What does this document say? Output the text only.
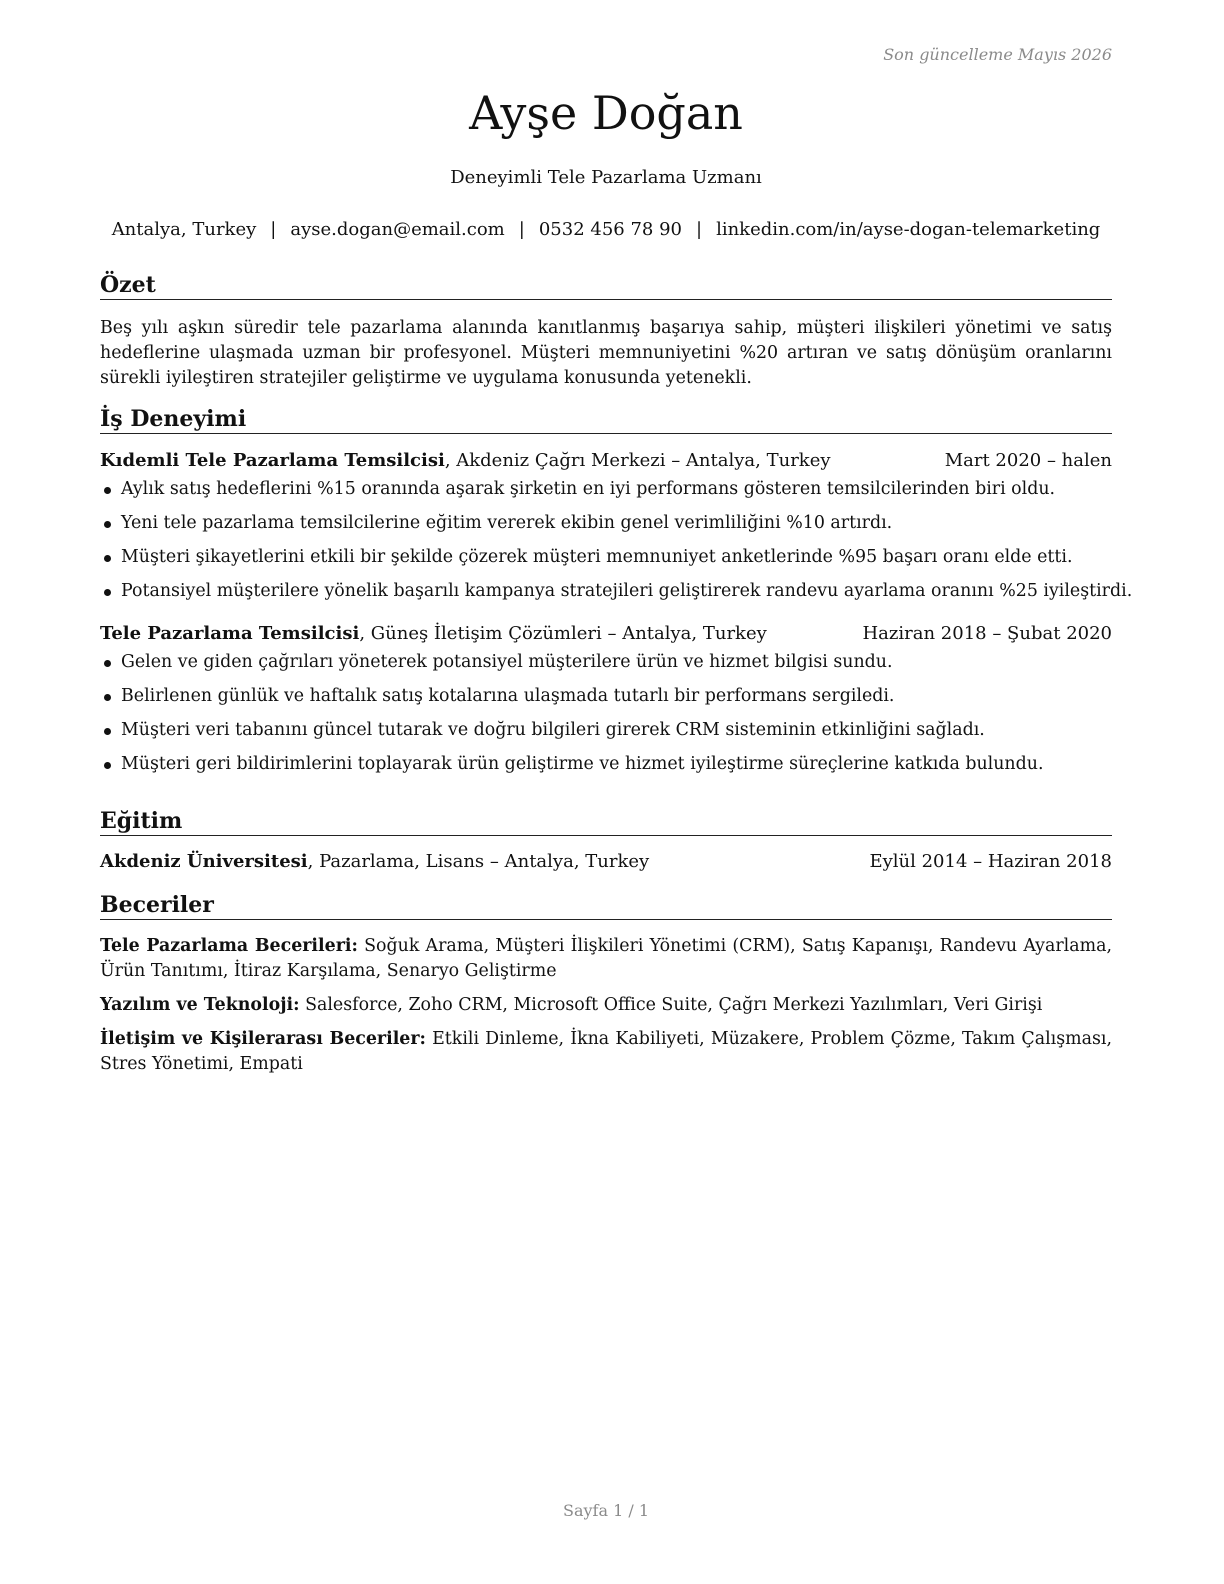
Son güncelleme Mayıs 2026
Ayşe Doğan
Deneyimli Tele Pazarlama Uzmanı
Antalya, Turkey | ayse.dogan@email.com | 0532 456 78 90 | linkedin.com/in/ayse-dogan-telemarketing
Özet
Beş yılı aşkın süredir tele pazarlama alanında kanıtlanmış başarıya sahip, müşteri ilişkileri yönetimi ve satış hedeflerine ulaşmada uzman bir profesyonel. Müşteri memnuniyetini %20 artıran ve satış dönüşüm oranlarını sürekli iyileştiren stratejiler geliştirme ve uygulama konusunda yetenekli.
İş Deneyimi
Kıdemli Tele Pazarlama Temsilcisi, Akdeniz Çağrı Merkezi – Antalya, Turkey	Mart 2020 – halen
Aylık satış hedeflerini %15 oranında aşarak şirketin en iyi performans gösteren temsilcilerinden biri oldu.
Yeni tele pazarlama temsilcilerine eğitim vererek ekibin genel verimliliğini %10 artırdı.
Müşteri şikayetlerini etkili bir şekilde çözerek müşteri memnuniyet anketlerinde %95 başarı oranı elde etti.
Potansiyel müşterilere yönelik başarılı kampanya stratejileri geliştirerek randevu ayarlama oranını %25 iyileştirdi.
Tele Pazarlama Temsilcisi, Güneş İletişim Çözümleri – Antalya, Turkey	Haziran 2018 – Şubat 2020
Gelen ve giden çağrıları yöneterek potansiyel müşterilere ürün ve hizmet bilgisi sundu.
Belirlenen günlük ve haftalık satış kotalarına ulaşmada tutarlı bir performans sergiledi.
Müşteri veri tabanını güncel tutarak ve doğru bilgileri girerek CRM sisteminin etkinliğini sağladı.
Müşteri geri bildirimlerini toplayarak ürün geliştirme ve hizmet iyileştirme süreçlerine katkıda bulundu.
Eğitim
Akdeniz Üniversitesi, Pazarlama, Lisans – Antalya, Turkey	Eylül 2014 – Haziran 2018
Beceriler
Tele Pazarlama Becerileri: Soğuk Arama, Müşteri İlişkileri Yönetimi (CRM), Satış Kapanışı, Randevu Ayarlama, Ürün Tanıtımı, İtiraz Karşılama, Senaryo Geliştirme
Yazılım ve Teknoloji: Salesforce, Zoho CRM, Microsoft Office Suite, Çağrı Merkezi Yazılımları, Veri Girişi
İletişim ve Kişilerarası Beceriler: Etkili Dinleme, İkna Kabiliyeti, Müzakere, Problem Çözme, Takım Çalışması, Stres Yönetimi, Empati
Sayfa 1 / 1
